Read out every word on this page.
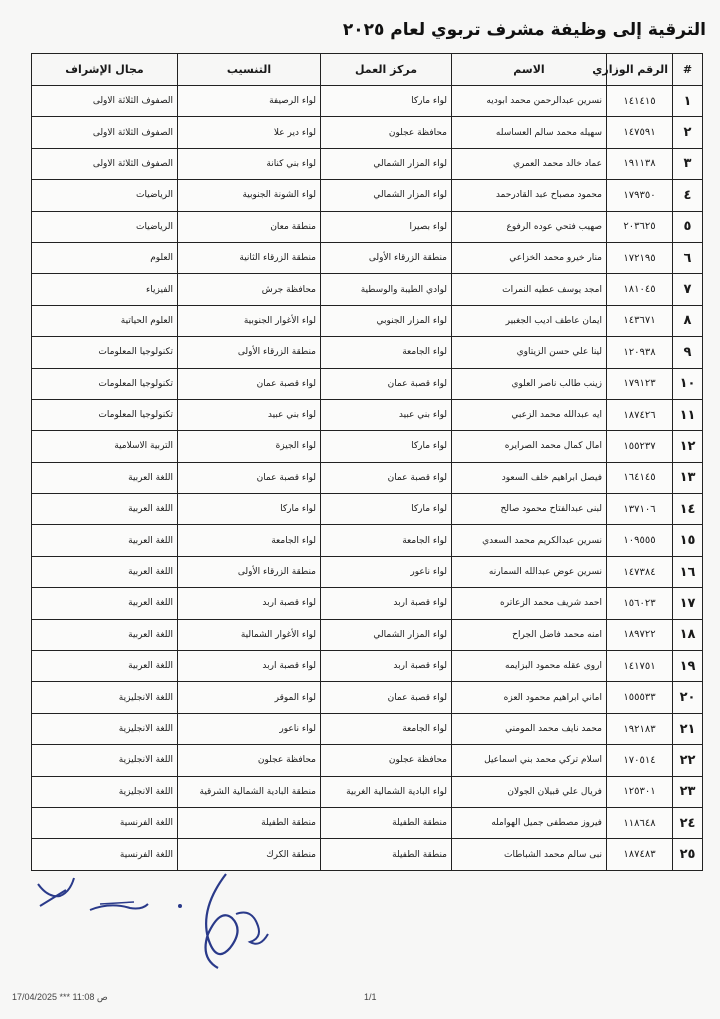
الترقية إلى وظيفة مشرف تربوي لعام ٢٠٢٥
#	الرقم الوزاري	الاسم	مركز العمل	التنسيب	مجال الإشراف
١	١٤١٤١٥	نسرين عبدالرحمن محمد ابوديه	لواء ماركا	لواء الرصيفة	الصفوف الثلاثة الاولى
٢	١٤٧٥٩١	سهيله محمد سالم العساسله	محافظة عجلون	لواء دير علا	الصفوف الثلاثة الاولى
٣	١٩١١٣٨	عماد خالد محمد العمري	لواء المزار الشمالي	لواء بني كنانة	الصفوف الثلاثة الاولى
٤	١٧٩٣٥٠	محمود مصباح عبد القادرحمد	لواء المزار الشمالي	لواء الشونة الجنوبية	الرياضيات
٥	٢٠٣٦٢٥	صهيب فتحي عوده الرفوع	لواء بصيرا	منطقة معان	الرياضيات
٦	١٧٢١٩٥	منار خيرو محمد الخزاعي	منطقة الزرقاء الأولى	منطقة الزرقاء الثانية	العلوم
٧	١٨١٠٤٥	امجد يوسف عطيه النمرات	لوادي الطيبة والوسطية	محافظة جرش	الفيزياء
٨	١٤٣٦٧١	ايمان عاطف اديب الجغبير	لواء المزار الجنوبي	لواء الأغوار الجنوبية	العلوم الحياتية
٩	١٢٠٩٣٨	لينا علي حسن الزيتاوي	لواء الجامعة	منطقة الزرقاء الأولى	تكنولوجيا المعلومات
١٠	١٧٩١٢٣	زينب طالب ناصر العلوي	لواء قصبة عمان	لواء قصبة عمان	تكنولوجيا المعلومات
١١	١٨٧٤٢٦	ايه عبدالله محمد الزعبي	لواء بني عبيد	لواء بني عبيد	تكنولوجيا المعلومات
١٢	١٥٥٢٣٧	امال كمال محمد الصرايره	لواء ماركا	لواء الجيزة	التربية الاسلامية
١٣	١٦٤١٤٥	فيصل ابراهيم خلف السعود	لواء قصبة عمان	لواء قصبة عمان	اللغة العربية
١٤	١٣٧١٠٦	لبنى عبدالفتاح محمود صالح	لواء ماركا	لواء ماركا	اللغة العربية
١٥	١٠٩٥٥٥	نسرين عبدالكريم محمد السعدي	لواء الجامعة	لواء الجامعة	اللغة العربية
١٦	١٤٧٣٨٤	نسرين عوض عبدالله السمارنه	لواء ناعور	منطقة الزرقاء الأولى	اللغة العربية
١٧	١٥٦٠٢٣	احمد شريف محمد الزعاتره	لواء قصبة اربد	لواء قصبة اربد	اللغة العربية
١٨	١٨٩٧٢٢	امنه محمد فاضل الجراح	لواء المزار الشمالي	لواء الأغوار الشمالية	اللغة العربية
١٩	١٤١٧٥١	اروى عقله محمود البزايمه	لواء قصبة اربد	لواء قصبة اربد	اللغة العربية
٢٠	١٥٥٥٣٣	اماني ابراهيم محمود العزه	لواء قصبة عمان	لواء الموقر	اللغة الانجليزية
٢١	١٩٢١٨٣	محمد نايف محمد المومني	لواء الجامعة	لواء ناعور	اللغة الانجليزية
٢٢	١٧٠٥١٤	اسلام تركي محمد بني اسماعيل	محافظة عجلون	محافظة عجلون	اللغة الانجليزية
٢٣	١٢٥٣٠١	فريال علي قبيلان الجولان	لواء البادية الشمالية الغربية	منطقة البادية الشمالية الشرقية	اللغة الانجليزية
٢٤	١١٨٦٤٨	فيروز مصطفى جميل الهوامله	منطقة الطفيلة	منطقة الطفيلة	اللغة الفرنسية
٢٥	١٨٧٤٨٣	نبى سالم محمد الشباطات	منطقة الطفيلة	منطقة الكرك	اللغة الفرنسية
17/04/2025 *** 11:08 ص	1/1
